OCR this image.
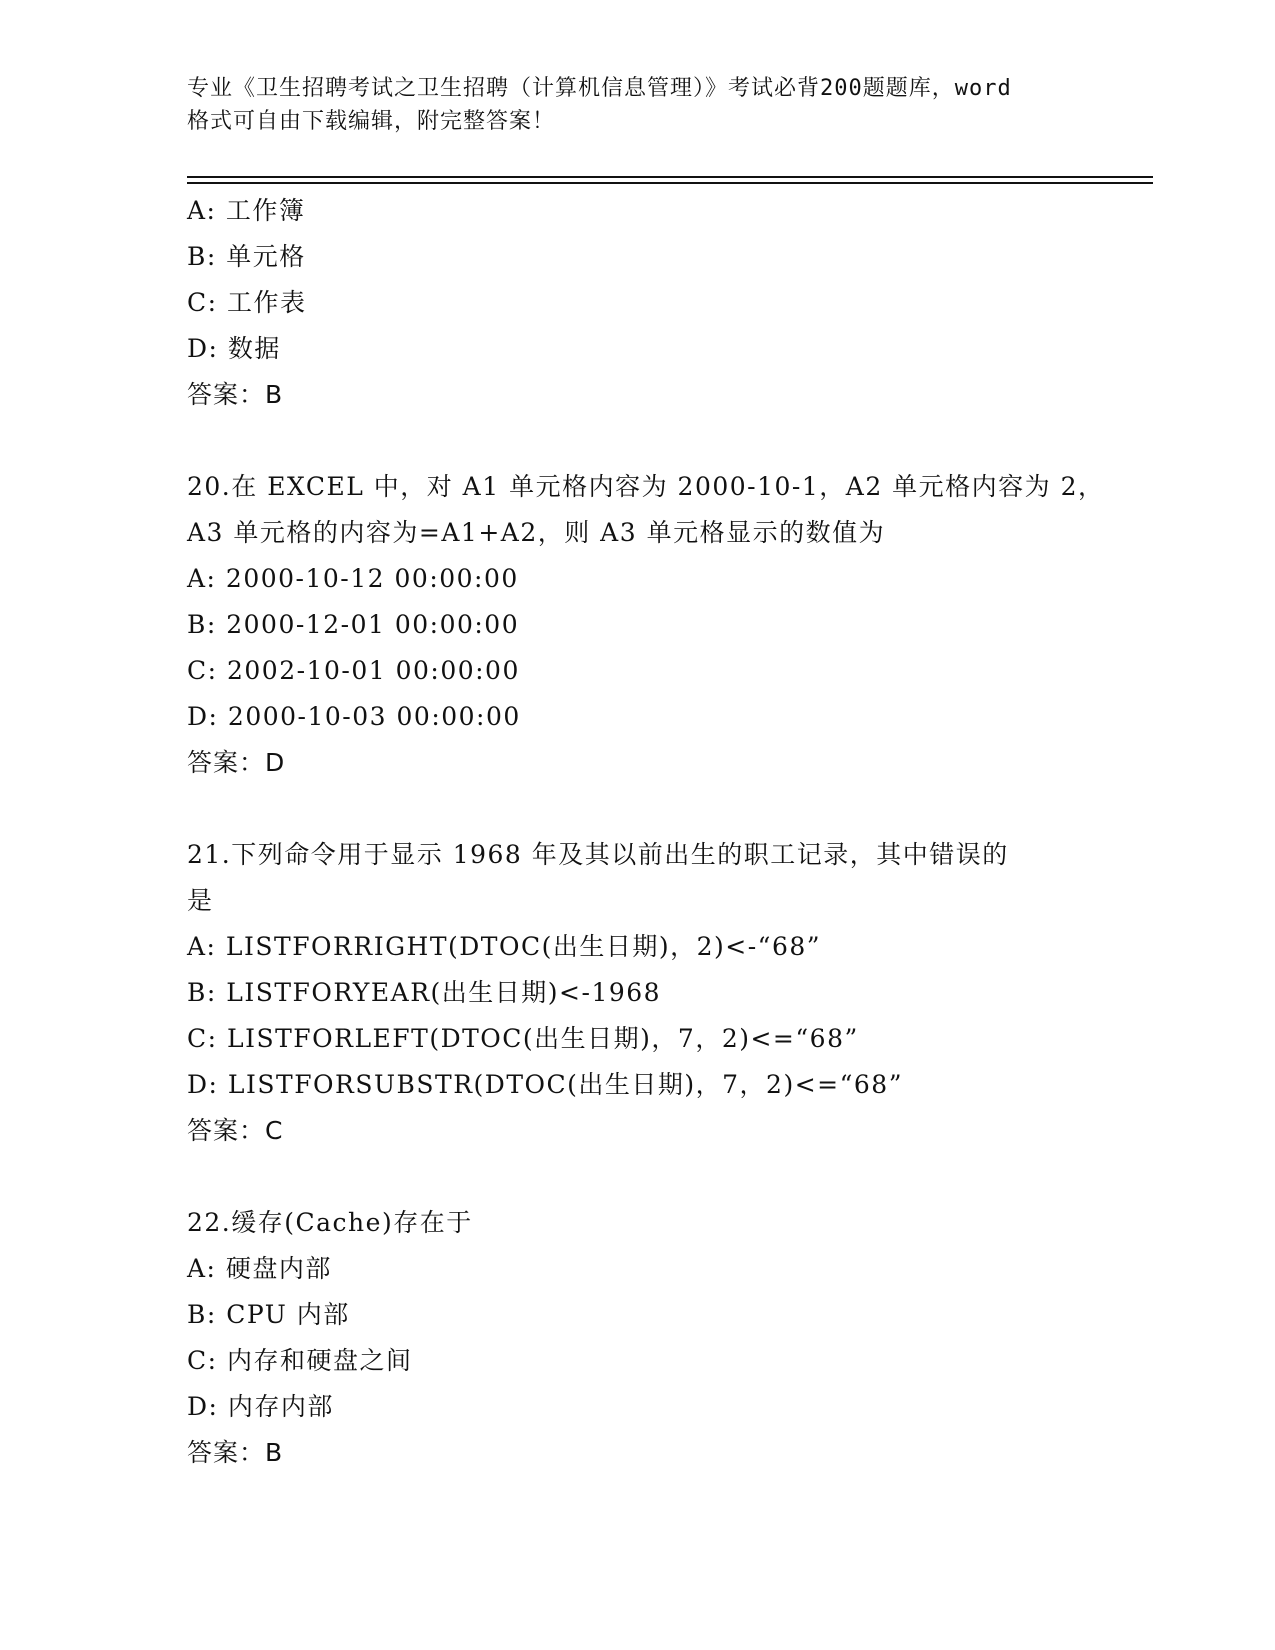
专业《卫生招聘考试之卫生招聘（计算机信息管理）》考试必背200题题库，word
格式可自由下载编辑，附完整答案！
A: 工作簿
B: 单元格
C: 工作表
D: 数据
答案：B
20.在 EXCEL 中，对 A1 单元格内容为 2000-10-1，A2 单元格内容为 2，
A3 单元格的内容为=A1+A2，则 A3 单元格显示的数值为
A: 2000-10-12 00:00:00
B: 2000-12-01 00:00:00
C: 2002-10-01 00:00:00
D: 2000-10-03 00:00:00
答案：D
21.下列命令用于显示 1968 年及其以前出生的职工记录，其中错误的
是
A: LISTFORRIGHT(DTOC(出生日期)，2)<-“68”
B: LISTFORYEAR(出生日期)<-1968
C: LISTFORLEFT(DTOC(出生日期)，7，2)<=“68”
D: LISTFORSUBSTR(DTOC(出生日期)，7，2)<=“68”
答案：C
22.缓存(Cache)存在于
A: 硬盘内部
B: CPU 内部
C: 内存和硬盘之间
D: 内存内部
答案：B
